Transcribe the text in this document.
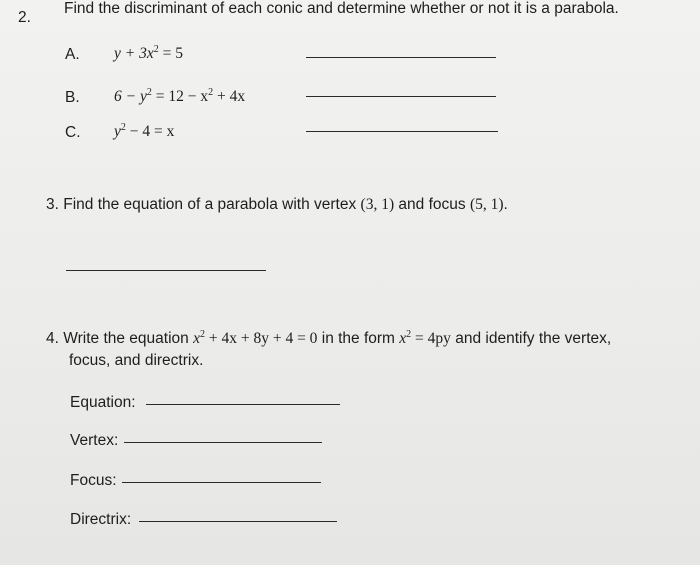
2.
Find the discriminant of each conic and determine whether or not it is a parabola.
A. $y + 3x^2 = 5$
B. $6 - y^2 = 12 - x^2 + 4x$
C. $y^2 - 4 = x$
3. Find the equation of a parabola with vertex (3, 1) and focus (5, 1).
4. Write the equation $x^2 + 4x + 8y + 4 = 0$ in the form $x^2 = 4py$ and identify the vertex,
focus, and directrix.
Equation:
Vertex:
Focus:
Directrix:
